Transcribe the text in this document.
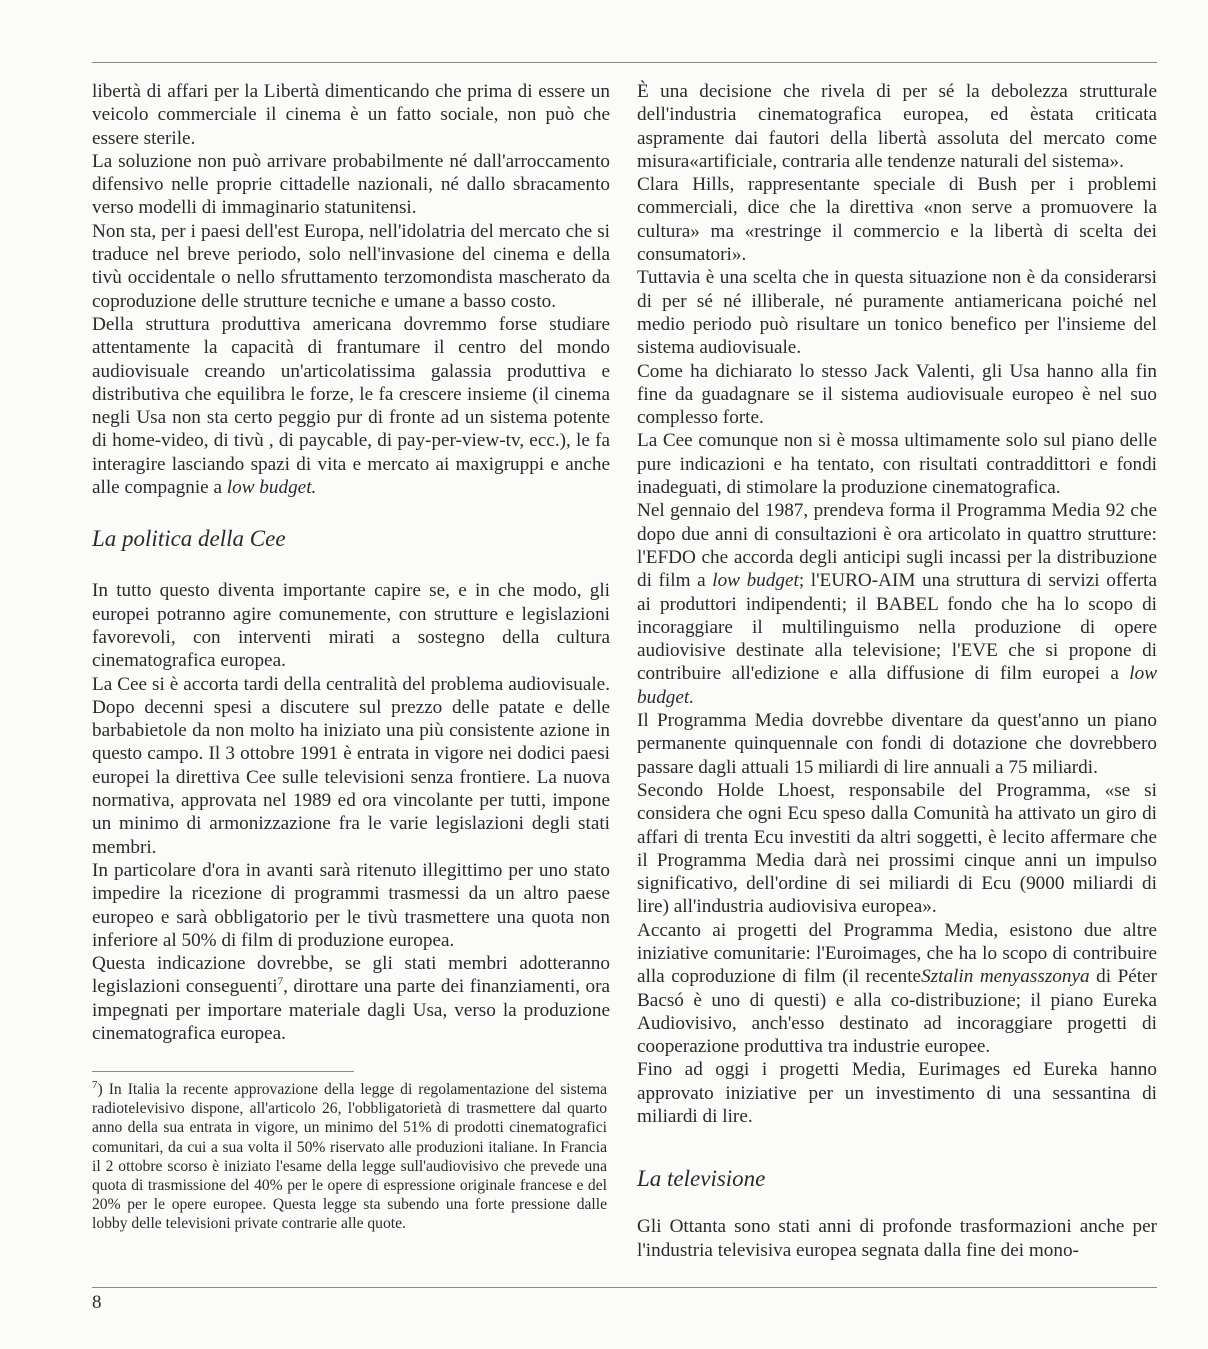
libertà di affari per la Libertà dimenticando che prima di essere un veicolo commerciale il cinema è un fatto sociale, non può che essere sterile.

La soluzione non può arrivare probabilmente né dall'arroccamento difensivo nelle proprie cittadelle nazionali, né dallo sbracamento verso modelli di immaginario statunitensi.

Non sta, per i paesi dell'est Europa, nell'idolatria del mercato che si traduce nel breve periodo, solo nell'invasione del cinema e della tivù occidentale o nello sfruttamento terzomondista mascherato da coproduzione delle strutture tecniche e umane a basso costo.

Della struttura produttiva americana dovremmo forse studiare attentamente la capacità di frantumare il centro del mondo audiovisuale creando un'articolatissima galassia produttiva e distributiva che equilibra le forze, le fa crescere insieme (il cinema negli Usa non sta certo peggio pur di fronte ad un sistema potente di home-video, di tivù , di paycable, di pay-per-view-tv, ecc.), le fa interagire lasciando spazi di vita e mercato ai maxigruppi e anche alle compagnie a low budget.

La politica della Cee

In tutto questo diventa importante capire se, e in che modo, gli europei potranno agire comunemente, con strutture e legislazioni favorevoli, con interventi mirati a sostegno della cultura cinematografica europea.

La Cee si è accorta tardi della centralità del problema audiovisuale. Dopo decenni spesi a discutere sul prezzo delle patate e delle barbabietole da non molto ha iniziato una più consistente azione in questo campo. Il 3 ottobre 1991 è entrata in vigore nei dodici paesi europei la direttiva Cee sulle televisioni senza frontiere. La nuova normativa, approvata nel 1989 ed ora vincolante per tutti, impone un minimo di armonizzazione fra le varie legislazioni degli stati membri.

In particolare d'ora in avanti sarà ritenuto illegittimo per uno stato impedire la ricezione di programmi trasmessi da un altro paese europeo e sarà obbligatorio per le tivù trasmettere una quota non inferiore al 50% di film di produzione europea.

Questa indicazione dovrebbe, se gli stati membri adotteranno legislazioni conseguenti$^7$, dirottare una parte dei finanziamenti, ora impegnati per importare materiale dagli Usa, verso la produzione cinematografica europea.

$^7$) In Italia la recente approvazione della legge di regolamentazione del sistema radiotelevisivo dispone, all'articolo 26, l'obbligatorietà di trasmettere dal quarto anno della sua entrata in vigore, un minimo del 51% di prodotti cinematografici comunitari, da cui a sua volta il 50% riservato alle produzioni italiane. In Francia il 2 ottobre scorso è iniziato l'esame della legge sull'audiovisivo che prevede una quota di trasmissione del 40% per le opere di espressione originale francese e del 20% per le opere europee. Questa legge sta subendo una forte pressione dalle lobby delle televisioni private contrarie alle quote.

È una decisione che rivela di per sé la debolezza strutturale dell'industria cinematografica europea, ed èstata criticata aspramente dai fautori della libertà assoluta del mercato come misura«artificiale, contraria alle tendenze naturali del sistema».

Clara Hills, rappresentante speciale di Bush per i problemi commerciali, dice che la direttiva «non serve a promuovere la cultura» ma «restringe il commercio e la libertà di scelta dei consumatori».

Tuttavia è una scelta che in questa situazione non è da considerarsi di per sé né illiberale, né puramente antiamericana poiché nel medio periodo può risultare un tonico benefico per l'insieme del sistema audiovisuale.

Come ha dichiarato lo stesso Jack Valenti, gli Usa hanno alla fin fine da guadagnare se il sistema audiovisuale europeo è nel suo complesso forte.

La Cee comunque non si è mossa ultimamente solo sul piano delle pure indicazioni e ha tentato, con risultati contraddittori e fondi inadeguati, di stimolare la produzione cinematografica.

Nel gennaio del 1987, prendeva forma il Programma Media 92 che dopo due anni di consultazioni è ora articolato in quattro strutture: l'EFDO che accorda degli anticipi sugli incassi per la distribuzione di film a low budget; l'EURO-AIM una struttura di servizi offerta ai produttori indipendenti; il BABEL fondo che ha lo scopo di incoraggiare il multilinguismo nella produzione di opere audiovisive destinate alla televisione; l'EVE che si propone di contribuire all'edizione e alla diffusione di film europei a low budget.

Il Programma Media dovrebbe diventare da quest'anno un piano permanente quinquennale con fondi di dotazione che dovrebbero passare dagli attuali 15 miliardi di lire annuali a 75 miliardi.

Secondo Holde Lhoest, responsabile del Programma, «se si considera che ogni Ecu speso dalla Comunità ha attivato un giro di affari di trenta Ecu investiti da altri soggetti, è lecito affermare che il Programma Media darà nei prossimi cinque anni un impulso significativo, dell'ordine di sei miliardi di Ecu (9000 miliardi di lire) all'industria audiovisiva europea».

Accanto ai progetti del Programma Media, esistono due altre iniziative comunitarie: l'Euroimages, che ha lo scopo di contribuire alla coproduzione di film (il recenteSztalin menyasszonya di Péter Bacsó è uno di questi) e alla co-distribuzione; il piano Eureka Audiovisivo, anch'esso destinato ad incoraggiare progetti di cooperazione produttiva tra industrie europee.

Fino ad oggi i progetti Media, Eurimages ed Eureka hanno approvato iniziative per un investimento di una sessantina di miliardi di lire.

La televisione

Gli Ottanta sono stati anni di profonde trasformazioni anche per l'industria televisiva europea segnata dalla fine dei mono-

8
